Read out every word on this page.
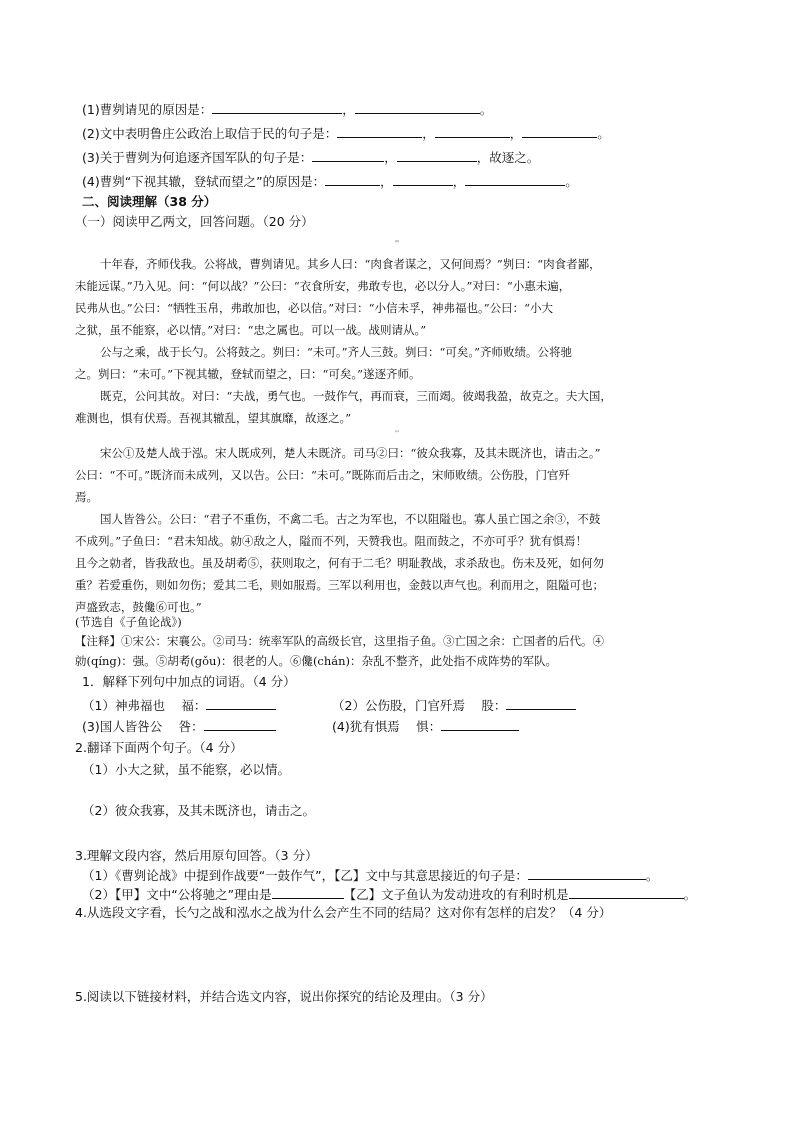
(1)曹刿请见的原因是：	，	。
(2)文中表明鲁庄公政治上取信于民的句子是：	，	，	。
(3)关于曹刿为何追逐齐国军队的句子是：	，	，故逐之。
(4)曹刿“下视其辙，登轼而望之”的原因是：	，	，	。
二、阅读理解（38 分）
（一）阅读甲乙两文，回答问题。（20 分）
【甲】
十年春，齐师伐我。公将战，曹刿请见。其乡人曰：“肉食者谋之，又何间焉？”刿曰：“肉食者鄙，
未能远谋。”乃入见。问：“何以战？”公曰：“衣食所安，弗敢专也，必以分人。”对曰：“小惠未遍，
民弗从也。”公曰：“牺牲玉帛，弗敢加也，必以信。”对曰：“小信未孚，神弗福也。”公曰：“小大
之狱，虽不能察，必以情。”对曰：“忠之属也。可以一战。战则请从。”
公与之乘，战于长勺。公将鼓之。刿曰：“未可。”齐人三鼓。刿曰：“可矣。”齐师败绩。公将驰
之。刿曰：“未可。”下视其辙，登轼而望之，曰：“可矣。”遂逐齐师。
既克，公问其故。对曰：“夫战，勇气也。一鼓作气，再而衰，三而竭。彼竭我盈，故克之。夫大国，
难测也，惧有伏焉。吾视其辙乱，望其旗靡，故逐之。”
【乙】
宋公①及楚人战于泓。宋人既成列，楚人未既济。司马②曰：“彼众我寡，及其未既济也，请击之。”
公曰：“不可。”既济而未成列，又以告。公曰：“未可。”既陈而后击之，宋师败绩。公伤股，门官歼
焉。
国人皆咎公。公曰：“君子不重伤，不禽二毛。古之为军也，不以阻隘也。寡人虽亡国之余③，不鼓
不成列。”子鱼曰：“君未知战。勍④敌之人，隘而不列，天赞我也。阻而鼓之，不亦可乎？犹有惧焉！
且今之勍者，皆我敌也。虽及胡耇⑤，获则取之，何有于二毛？明耻教战，求杀敌也。伤未及死，如何勿
重？若爱重伤，则如勿伤；爱其二毛，则如服焉。三军以利用也，金鼓以声气也。利而用之，阻隘可也；
声盛致志，鼓儳⑥可也。”
(节选自《子鱼论战》)
【注释】①宋公：宋襄公。②司马：统率军队的高级长官，这里指子鱼。③亡国之余：亡国者的后代。④
勍(qíng)：强。⑤胡耇(gǒu)：很老的人。⑥儳(chán)：杂乱不整齐，此处指不成阵势的军队。
1．解释下列句中加点的词语。（4 分）
（1）神弗福也　 福：	（2）公伤股，门官歼焉　 股：
(3)国人皆咎公　 咎：	(4)犹有惧焉　 惧：
2.翻译下面两个句子。（4 分）
（1）小大之狱，虽不能察，必以情。
（2）彼众我寡，及其未既济也，请击之。
3.理解文段内容，然后用原句回答。（3 分）
（1）《曹刿论战》中提到作战要“一鼓作气”，【乙】文中与其意思接近的句子是：	。
（2）【甲】文中“公将驰之”理由是	【乙】文子鱼认为发动进攻的有利时机是	。
4.从选段文字看，长勺之战和泓水之战为什么会产生不同的结局？这对你有怎样的启发？（4 分）
5.阅读以下链接材料，并结合选文内容，说出你探究的结论及理由。（3 分）
